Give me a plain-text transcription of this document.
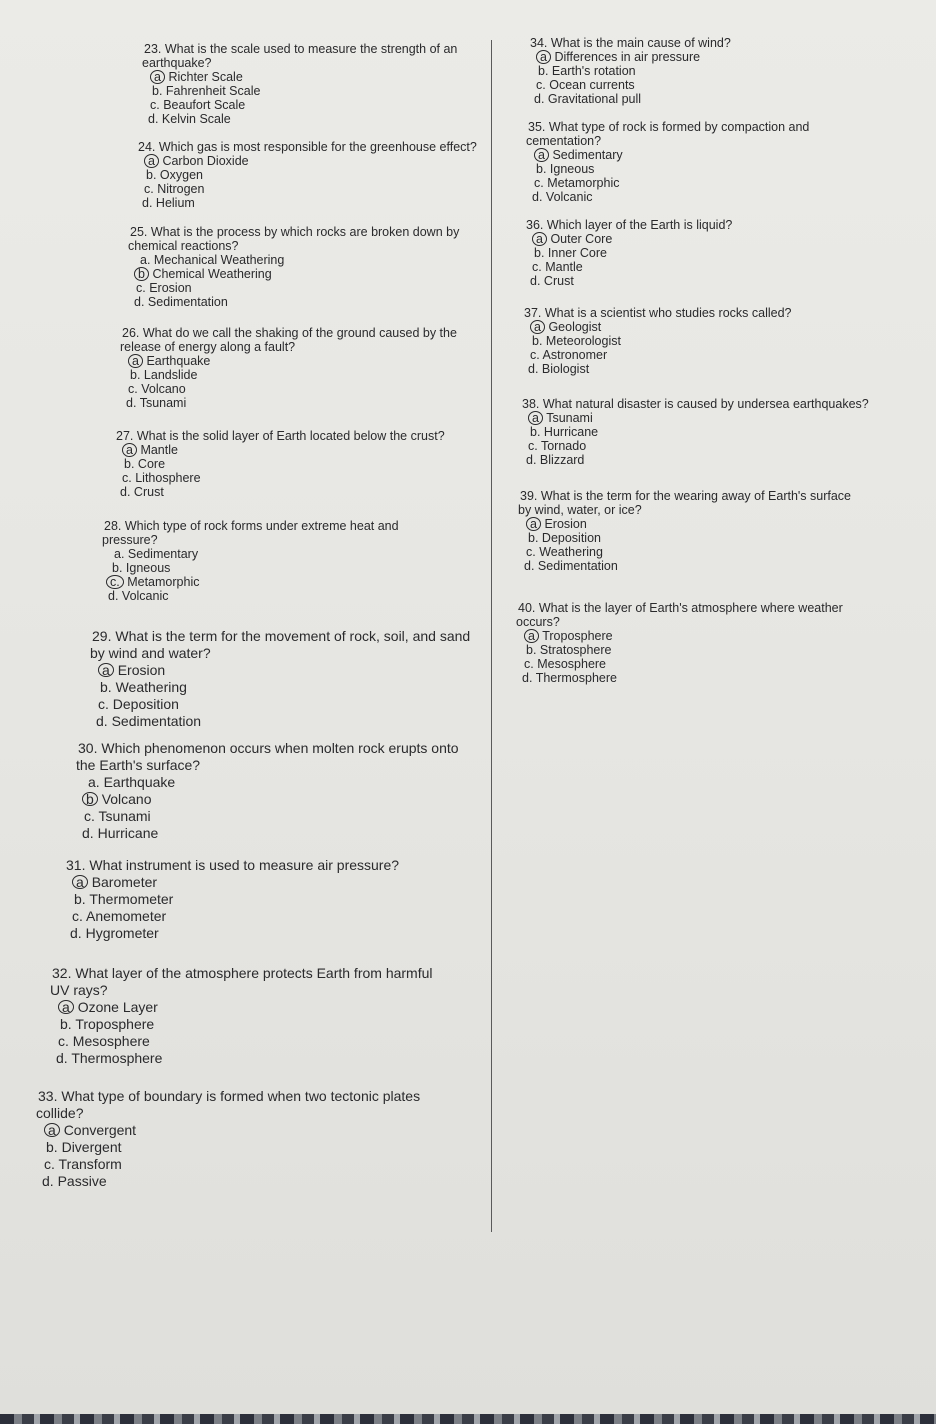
23. What is the scale used to measure the strength of an
earthquake?
a Richter Scale
b. Fahrenheit Scale
c. Beaufort Scale
d. Kelvin Scale
24. Which gas is most responsible for the greenhouse effect?
a Carbon Dioxide
b. Oxygen
c. Nitrogen
d. Helium
25. What is the process by which rocks are broken down by
chemical reactions?
a. Mechanical Weathering
b Chemical Weathering
c. Erosion
d. Sedimentation
26. What do we call the shaking of the ground caused by the
release of energy along a fault?
a Earthquake
b. Landslide
c. Volcano
d. Tsunami
27. What is the solid layer of Earth located below the crust?
a Mantle
b. Core
c. Lithosphere
d. Crust
28. Which type of rock forms under extreme heat and
pressure?
a. Sedimentary
b. Igneous
c. Metamorphic
d. Volcanic
29. What is the term for the movement of rock, soil, and sand
by wind and water?
a Erosion
b. Weathering
c. Deposition
d. Sedimentation
30. Which phenomenon occurs when molten rock erupts onto
the Earth's surface?
a. Earthquake
b Volcano
c. Tsunami
d. Hurricane
31. What instrument is used to measure air pressure?
a Barometer
b. Thermometer
c. Anemometer
d. Hygrometer
32. What layer of the atmosphere protects Earth from harmful
UV rays?
a Ozone Layer
b. Troposphere
c. Mesosphere
d. Thermosphere
33. What type of boundary is formed when two tectonic plates
collide?
a Convergent
b. Divergent
c. Transform
d. Passive
34. What is the main cause of wind?
a Differences in air pressure
b. Earth's rotation
c. Ocean currents
d. Gravitational pull
35. What type of rock is formed by compaction and
cementation?
a Sedimentary
b. Igneous
c. Metamorphic
d. Volcanic
36. Which layer of the Earth is liquid?
a Outer Core
b. Inner Core
c. Mantle
d. Crust
37. What is a scientist who studies rocks called?
a Geologist
b. Meteorologist
c. Astronomer
d. Biologist
38. What natural disaster is caused by undersea earthquakes?
a Tsunami
b. Hurricane
c. Tornado
d. Blizzard
39. What is the term for the wearing away of Earth's surface
by wind, water, or ice?
a Erosion
b. Deposition
c. Weathering
d. Sedimentation
40. What is the layer of Earth's atmosphere where weather
occurs?
a Troposphere
b. Stratosphere
c. Mesosphere
d. Thermosphere
